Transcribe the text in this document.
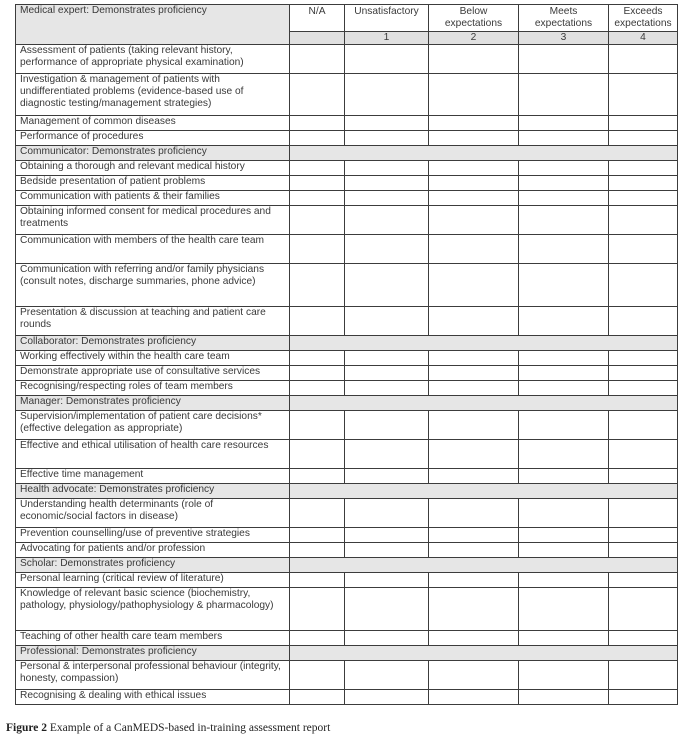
Medical expert: Demonstrates proficiency	N/A	Unsatisfactory	Below expectations	Meets expectations	Exceeds expectations
		1	2	3	4
Assessment of patients (taking relevant history, performance of appropriate physical examination)					
Investigation & management of patients with undifferentiated problems (evidence-based use of diagnostic testing/management strategies)					
Management of common diseases					
Performance of procedures					
Communicator: Demonstrates proficiency					
Obtaining a thorough and relevant medical history					
Bedside presentation of patient problems					
Communication with patients & their families					
Obtaining informed consent for medical procedures and treatments					
Communication with members of the health care team					
Communication with referring and/or family physicians (consult notes, discharge summaries, phone advice)					
Presentation & discussion at teaching and patient care rounds					
Collaborator: Demonstrates proficiency					
Working effectively within the health care team					
Demonstrate appropriate use of consultative services					
Recognising/respecting roles of team members					
Manager: Demonstrates proficiency					
Supervision/implementation of patient care decisions* (effective delegation as appropriate)					
Effective and ethical utilisation of health care resources					
Effective time management					
Health advocate: Demonstrates proficiency					
Understanding health determinants (role of economic/social factors in disease)					
Prevention counselling/use of preventive strategies					
Advocating for patients and/or profession					
Scholar: Demonstrates proficiency					
Personal learning (critical review of literature)					
Knowledge of relevant basic science (biochemistry, pathology, physiology/pathophysiology & pharmacology)					
Teaching of other health care team members					
Professional: Demonstrates proficiency					
Personal & interpersonal professional behaviour (integrity, honesty, compassion)					
Recognising & dealing with ethical issues					
Figure 2 Example of a CanMEDS-based in-training assessment report
